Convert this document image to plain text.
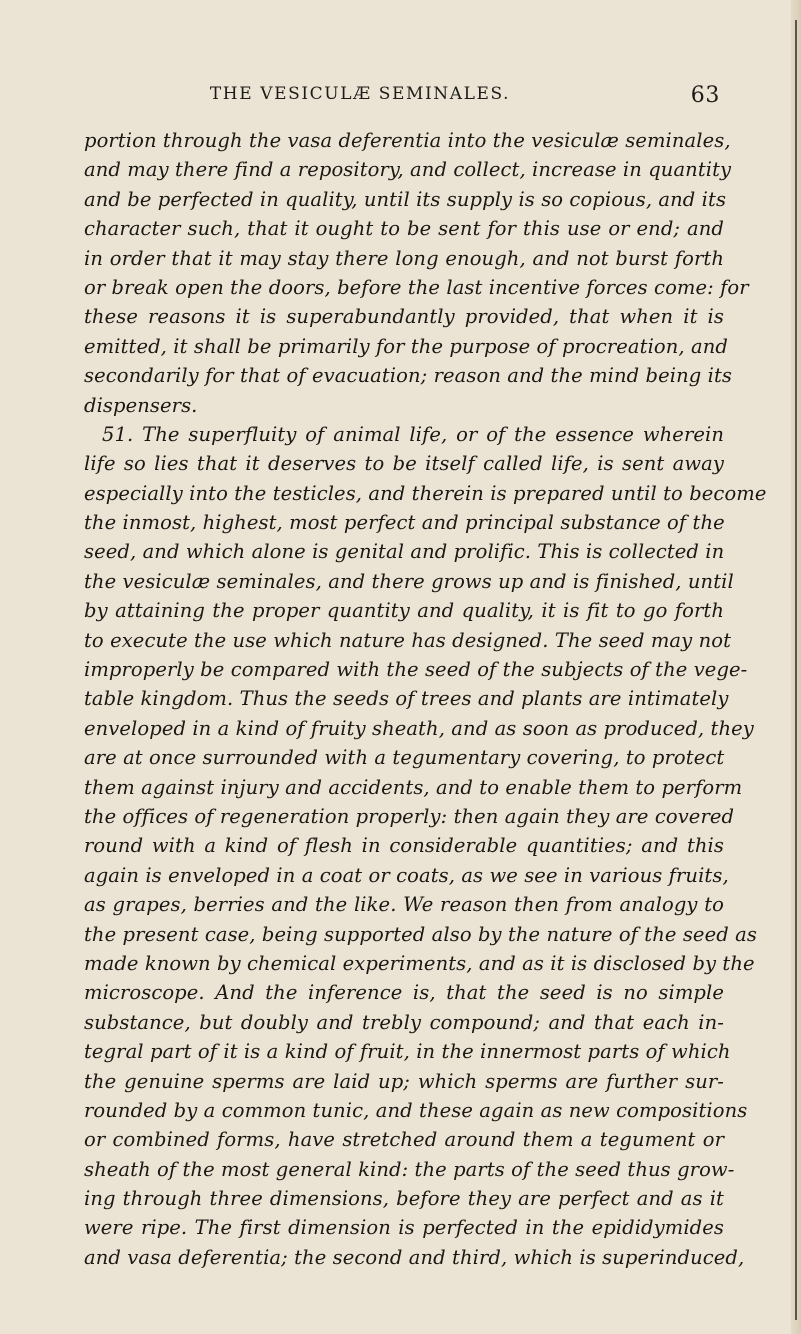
THE VESICULÆ SEMINALES.	63
portion through the vasa deferentia into the vesiculæ seminales,
and may there find a repository, and collect, increase in quantity
and be perfected in quality, until its supply is so copious, and its
character such, that it ought to be sent for this use or end; and
in order that it may stay there long enough, and not burst forth
or break open the doors, before the last incentive forces come: for
these reasons it is superabundantly provided, that when it is
emitted, it shall be primarily for the purpose of procreation, and
secondarily for that of evacuation; reason and the mind being its
dispensers.
51. The superfluity of animal life, or of the essence wherein
life so lies that it deserves to be itself called life, is sent away
especially into the testicles, and therein is prepared until to become
the inmost, highest, most perfect and principal substance of the
seed, and which alone is genital and prolific. This is collected in
the vesiculæ seminales, and there grows up and is finished, until
by attaining the proper quantity and quality, it is fit to go forth
to execute the use which nature has designed. The seed may not
improperly be compared with the seed of the subjects of the vege-
table kingdom. Thus the seeds of trees and plants are intimately
enveloped in a kind of fruity sheath, and as soon as produced, they
are at once surrounded with a tegumentary covering, to protect
them against injury and accidents, and to enable them to perform
the offices of regeneration properly: then again they are covered
round with a kind of flesh in considerable quantities; and this
again is enveloped in a coat or coats, as we see in various fruits,
as grapes, berries and the like. We reason then from analogy to
the present case, being supported also by the nature of the seed as
made known by chemical experiments, and as it is disclosed by the
microscope. And the inference is, that the seed is no simple
substance, but doubly and trebly compound; and that each in-
tegral part of it is a kind of fruit, in the innermost parts of which
the genuine sperms are laid up; which sperms are further sur-
rounded by a common tunic, and these again as new compositions
or combined forms, have stretched around them a tegument or
sheath of the most general kind: the parts of the seed thus grow-
ing through three dimensions, before they are perfect and as it
were ripe. The first dimension is perfected in the epididymides
and vasa deferentia; the second and third, which is superinduced,
